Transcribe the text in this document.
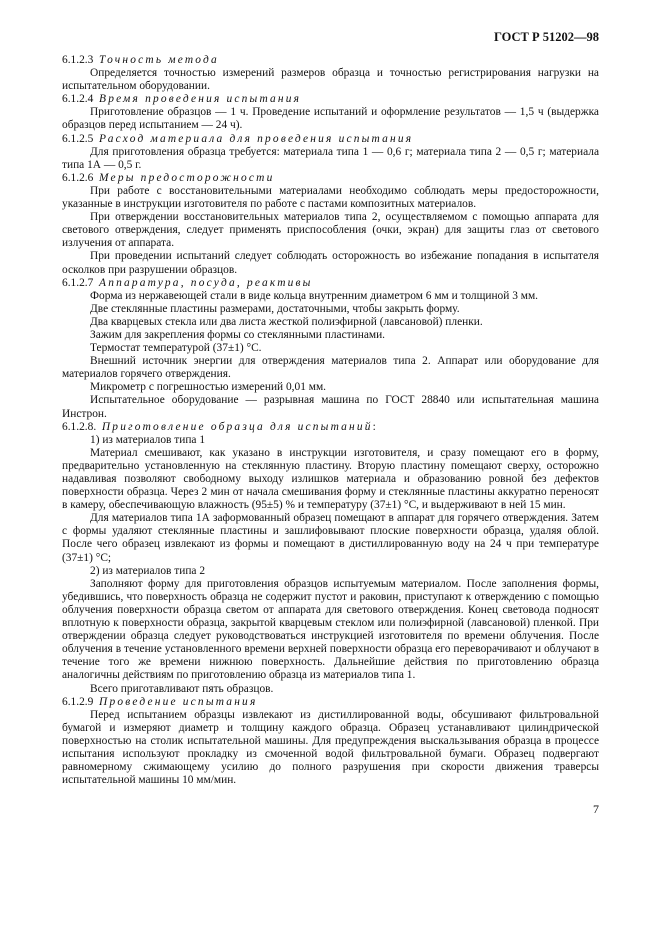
ГОСТ Р 51202—98

6.1.2.3 Точность метода

Определяется точностью измерений размеров образца и точностью регистрирования нагрузки на испытательном оборудовании.

6.1.2.4 Время проведения испытания

Приготовление образцов — 1 ч. Проведение испытаний и оформление результатов — 1,5 ч (выдержка образцов перед испытанием — 24 ч).

6.1.2.5 Расход материала для проведения испытания

Для приготовления образца требуется: материала типа 1 — 0,6 г; материала типа 2 — 0,5 г; материала типа 1А — 0,5 г.

6.1.2.6 Меры предосторожности

При работе с восстановительными материалами необходимо соблюдать меры предосторожности, указанные в инструкции изготовителя по работе с пастами композитных материалов.

При отверждении восстановительных материалов типа 2, осуществляемом с помощью аппарата для светового отверждения, следует применять приспособления (очки, экран) для защиты глаз от светового излучения от аппарата.

При проведении испытаний следует соблюдать осторожность во избежание попадания в испытателя осколков при разрушении образцов.

6.1.2.7 Аппаратура, посуда, реактивы

Форма из нержавеющей стали в виде кольца внутренним диаметром 6 мм и толщиной 3 мм.

Две стеклянные пластины размерами, достаточными, чтобы закрыть форму.

Два кварцевых стекла или два листа жесткой полиэфирной (лавсановой) пленки.

Зажим для закрепления формы со стеклянными пластинами.

Термостат температурой (37±1) °С.

Внешний источник энергии для отверждения материалов типа 2. Аппарат или оборудование для материалов горячего отверждения.

Микрометр с погрешностью измерений 0,01 мм.

Испытательное оборудование — разрывная машина по ГОСТ 28840 или испытательная машина Инстрон.

6.1.2.8. Приготовление образца для испытаний:

1) из материалов типа 1

Материал смешивают, как указано в инструкции изготовителя, и сразу помещают его в форму, предварительно установленную на стеклянную пластину. Вторую пластину помещают сверху, осторожно надавливая позволяют свободному выходу излишков материала и образованию ровной без дефектов поверхности образца. Через 2 мин от начала смешивания форму и стеклянные пластины аккуратно переносят в камеру, обеспечивающую влажность (95±5) % и температуру (37±1) °С, и выдерживают в ней 15 мин.

Для материалов типа 1А заформованный образец помещают в аппарат для горячего отверждения. Затем с формы удаляют стеклянные пластины и зашлифовывают плоские поверхности образца, удаляя облой. После чего образец извлекают из формы и помещают в дистиллированную воду на 24 ч при температуре (37±1) °С;

2) из материалов типа 2

Заполняют форму для приготовления образцов испытуемым материалом. После заполнения формы, убедившись, что поверхность образца не содержит пустот и раковин, приступают к отверждению с помощью облучения поверхности образца светом от аппарата для светового отверждения. Конец световода подносят вплотную к поверхности образца, закрытой кварцевым стеклом или полиэфирной (лавсановой) пленкой. При отверждении образца следует руководствоваться инструкцией изготовителя по времени облучения. После облучения в течение установленного времени верхней поверхности образца его переворачивают и облучают в течение того же времени нижнюю поверхность. Дальнейшие действия по приготовлению образца аналогичны действиям по приготовлению образца из материалов типа 1.

Всего приготавливают пять образцов.

6.1.2.9 Проведение испытания

Перед испытанием образцы извлекают из дистиллированной воды, обсушивают фильтровальной бумагой и измеряют диаметр и толщину каждого образца. Образец устанавливают цилиндрической поверхностью на столик испытательной машины. Для предупреждения выскальзывания образца в процессе испытания используют прокладку из смоченной водой фильтровальной бумаги. Образец подвергают равномерному сжимающему усилию до полного разрушения при скорости движения траверсы испытательной машины 10 мм/мин.

7
